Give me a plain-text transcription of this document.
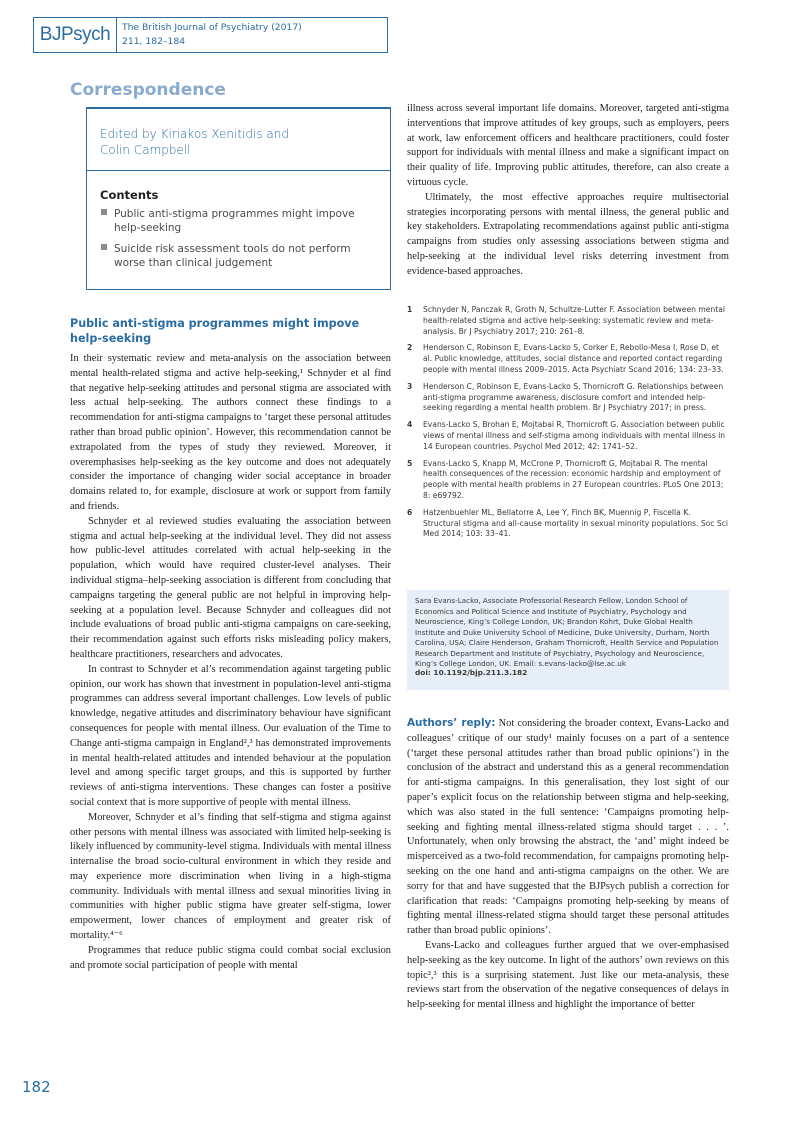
BJPsych	The British Journal of Psychiatry (2017)
211, 182–184
Correspondence
Edited by Kiriakos Xenitidis and
Colin Campbell
Contents
Public anti-stigma programmes might impove help-seeking
Suicide risk assessment tools do not perform worse than clinical judgement
Public anti-stigma programmes might impove help-seeking
In their systematic review and meta-analysis on the association between mental health-related stigma and active help-seeking,¹ Schnyder et al find that negative help-seeking attitudes and personal stigma are associated with less actual help-seeking. The authors connect these findings to a recommendation for anti-stigma campaigns to ‘target these personal attitudes rather than broad public opinion’. However, this recommendation cannot be extrapolated from the types of study they reviewed. Moreover, it overemphasises help-seeking as the key outcome and does not adequately consider the importance of changing wider social acceptance in broader domains related to, for example, disclosure at work or support from family and friends.
Schnyder et al reviewed studies evaluating the association between stigma and actual help-seeking at the individual level. They did not assess how public-level attitudes correlated with actual help-seeking in the population, which would have required cluster-level analyses. Their individual stigma–help-seeking association is different from concluding that campaigns targeting the general public are not helpful in improving help-seeking at a population level. Because Schnyder and colleagues did not include evaluations of broad public anti-stigma campaigns on care-seeking, their recommendation against such efforts risks misleading policy makers, healthcare practitioners, researchers and advocates.
In contrast to Schnyder et al’s recommendation against targeting public opinion, our work has shown that investment in population-level anti-stigma programmes can address several important challenges. Low levels of public knowledge, negative attitudes and discriminatory behaviour have significant consequences for people with mental illness. Our evaluation of the Time to Change anti-stigma campaign in England²,³ has demonstrated improvements in mental health-related attitudes and intended behaviour at the population level and among specific target groups, and this is supported by further reviews of anti-stigma interventions. These changes can foster a positive social context that is more supportive of people with mental illness.
Moreover, Schnyder et al’s finding that self-stigma and stigma against other persons with mental illness was associated with limited help-seeking is likely influenced by community-level stigma. Individuals with mental illness internalise the broad socio-cultural environment in which they reside and may experience more discrimination when living in a high-stigma community. Individuals with mental illness and sexual minorities living in communities with higher public stigma have greater self-stigma, lower empowerment, lower chances of employment and greater risk of mortality.⁴⁻⁶
Programmes that reduce public stigma could combat social exclusion and promote social participation of people with mental
illness across several important life domains. Moreover, targeted anti-stigma interventions that improve attitudes of key groups, such as employers, peers at work, law enforcement officers and healthcare practitioners, could foster support for individuals with mental illness and make a significant impact on their quality of life. Improving public attitudes, therefore, can also create a virtuous cycle.
Ultimately, the most effective approaches require multisectorial strategies incorporating persons with mental illness, the general public and key stakeholders. Extrapolating recommendations against public anti-stigma campaigns from studies only assessing associations between stigma and help-seeking at the individual level risks deterring investment from evidence-based approaches.
1 Schnyder N, Panczak R, Groth N, Schultze-Lutter F. Association between mental health-related stigma and active help-seeking: systematic review and meta-analysis. Br J Psychiatry 2017; 210: 261–8.
2 Henderson C, Robinson E, Evans-Lacko S, Corker E, Rebollo-Mesa I, Rose D, et al. Public knowledge, attitudes, social distance and reported contact regarding people with mental illness 2009–2015. Acta Psychiatr Scand 2016; 134: 23–33.
3 Henderson C, Robinson E, Evans-Lacko S, Thornicroft G. Relationships between anti-stigma programme awareness, disclosure comfort and intended help-seeking regarding a mental health problem. Br J Psychiatry 2017; in press.
4 Evans-Lacko S, Brohan E, Mojtabai R, Thornicroft G. Association between public views of mental illness and self-stigma among individuals with mental illness in 14 European countries. Psychol Med 2012; 42: 1741–52.
5 Evans-Lacko S, Knapp M, McCrone P, Thornicroft G, Mojtabai R. The mental health consequences of the recession: economic hardship and employment of people with mental health problems in 27 European countries. PLoS One 2013; 8: e69792.
6 Hatzenbuehler ML, Bellatorre A, Lee Y, Finch BK, Muennig P, Fiscella K. Structural stigma and all-cause mortality in sexual minority populations. Soc Sci Med 2014; 103: 33–41.
Sara Evans-Lacko, Associate Professorial Research Fellow, London School of Economics and Political Science and Institute of Psychiatry, Psychology and Neuroscience, King’s College London, UK; Brandon Kohrt, Duke Global Health Institute and Duke University School of Medicine, Duke University, Durham, North Carolina, USA; Claire Henderson, Graham Thornicroft, Health Service and Population Research Department and Institute of Psychiatry, Psychology and Neuroscience, King’s College London, UK. Email: s.evans-lacko@lse.ac.uk
doi: 10.1192/bjp.211.3.182
Authors’ reply: Not considering the broader context, Evans-Lacko and colleagues’ critique of our study¹ mainly focuses on a part of a sentence (‘target these personal attitudes rather than broad public opinions’) in the conclusion of the abstract and understand this as a general recommendation for anti-stigma campaigns. In this generalisation, they lost sight of our paper’s explicit focus on the relationship between stigma and help-seeking, which was also stated in the full sentence: ‘Campaigns promoting help-seeking and fighting mental illness-related stigma should target . . . ’. Unfortunately, when only browsing the abstract, the ‘and’ might indeed be misperceived as a two-fold recommendation, for campaigns promoting help-seeking on the one hand and anti-stigma campaigns on the other. We are sorry for that and have suggested that the BJPsych publish a correction for clarification that reads: ‘Campaigns promoting help-seeking by means of fighting mental illness-related stigma should target these personal attitudes rather than broad public opinions’.
Evans-Lacko and colleagues further argued that we over-emphasised help-seeking as the key outcome. In light of the authors’ own reviews on this topic²,³ this is a surprising statement. Just like our meta-analysis, these reviews start from the observation of the negative consequences of delays in help-seeking for mental illness and highlight the importance of better
182
